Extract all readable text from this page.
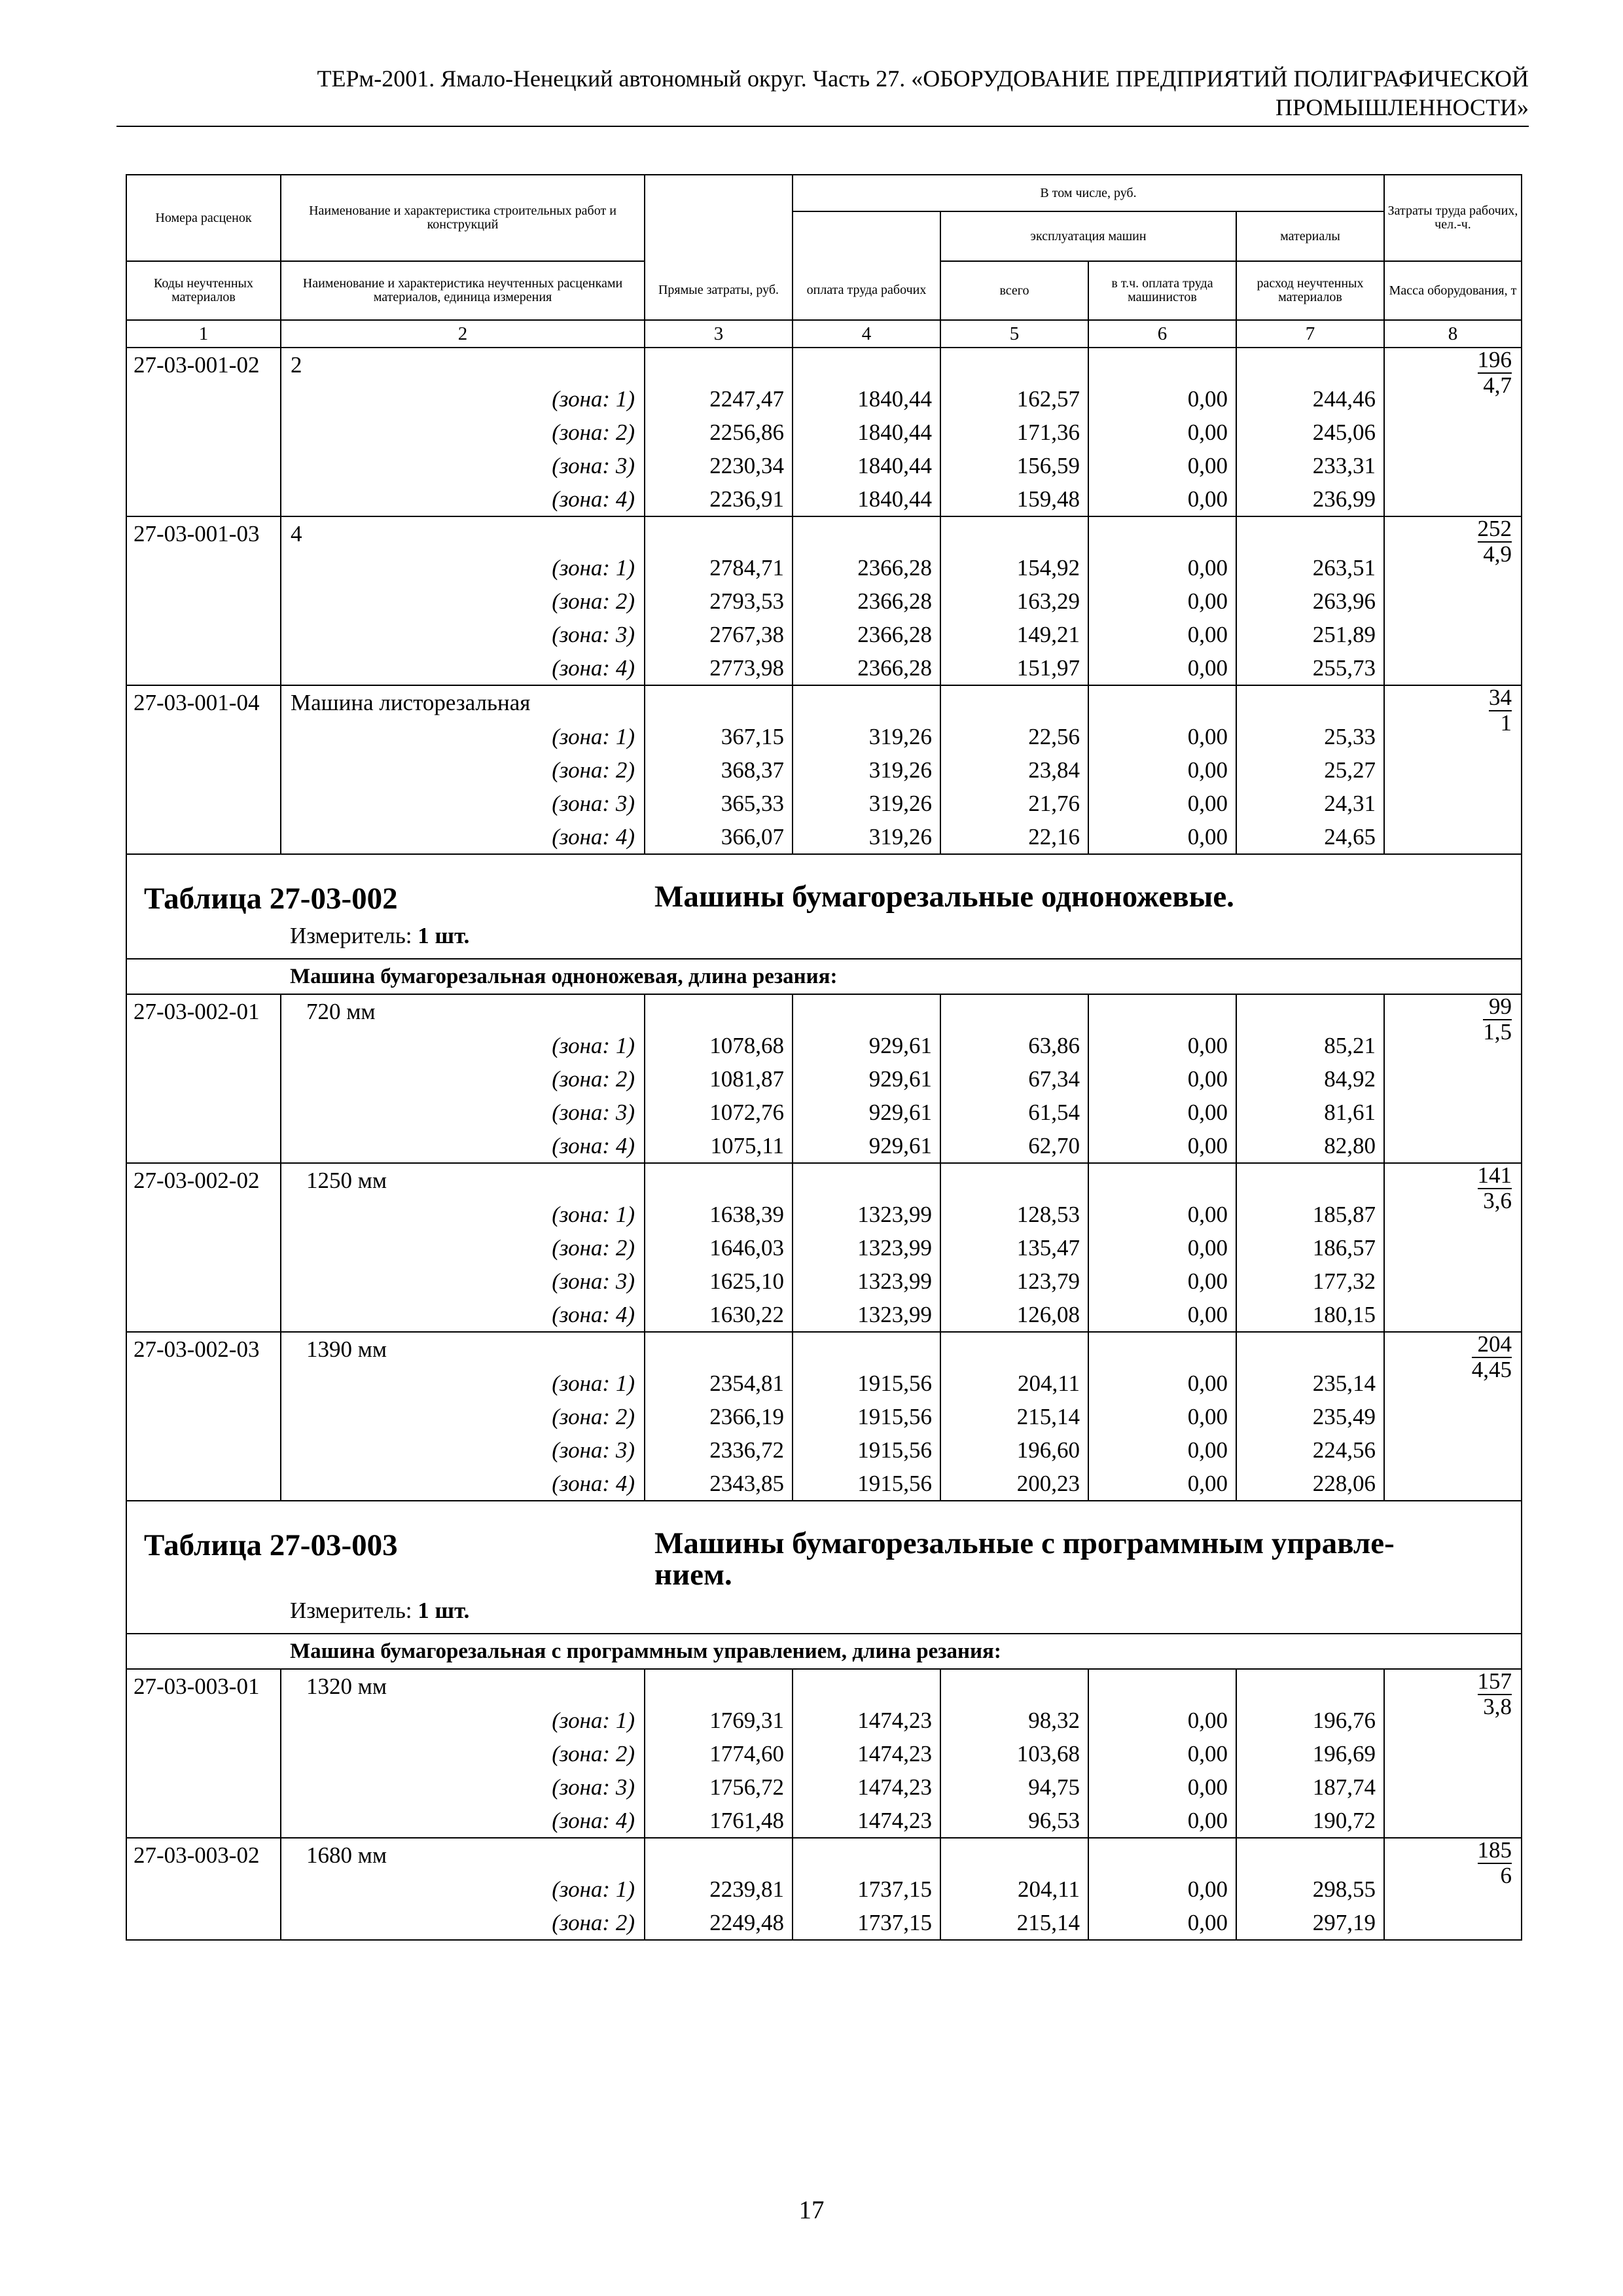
ТЕРм-2001. Ямало-Ненецкий автономный округ. Часть 27. «ОБОРУДОВАНИЕ ПРЕДПРИЯТИЙ ПОЛИГРАФИЧЕСКОЙ
ПРОМЫШЛЕННОСТИ»
Номера расценок	Наименование и характеристика строительных работ и конструкций		В том числе, руб.				Затраты труда рабочих, чел.-ч.
				эксплуатация машин		материалы	
Коды неучтенных материалов	Наименование и характеристика неучтенных расценками материалов, единица измерения	Прямые затраты, руб.	оплата труда рабочих	всего	в т.ч. оплата труда машинистов	расход неучтенных материалов	Масса оборудования, т
1	2	3	4	5	6	7	8
27-03-001-02	2						$\frac{196}{4,7}$

	(зона: 1)	2247,47	1840,44	162,57	0,00	244,46	
	(зона: 2)	2256,86	1840,44	171,36	0,00	245,06	
	(зона: 3)	2230,34	1840,44	156,59	0,00	233,31	
	(зона: 4)	2236,91	1840,44	159,48	0,00	236,99	
27-03-001-03	4						$\frac{252}{4,9}$

	(зона: 1)	2784,71	2366,28	154,92	0,00	263,51	
	(зона: 2)	2793,53	2366,28	163,29	0,00	263,96	
	(зона: 3)	2767,38	2366,28	149,21	0,00	251,89	
	(зона: 4)	2773,98	2366,28	151,97	0,00	255,73	
27-03-001-04	Машина листорезальная						$\frac{34}{1}$

	(зона: 1)	367,15	319,26	22,56	0,00	25,33	
	(зона: 2)	368,37	319,26	23,84	0,00	25,27	
	(зона: 3)	365,33	319,26	21,76	0,00	24,31	
	(зона: 4)	366,07	319,26	22,16	0,00	24,65	

Таблица 27-03-002 Машины бумагорезальные одноножевые.
Измеритель: 1 шт.							

Машина бумагорезальная одноножевая, длина резания:							
27-03-002-01	720 мм						$\frac{99}{1,5}$

	(зона: 1)	1078,68	929,61	63,86	0,00	85,21	
	(зона: 2)	1081,87	929,61	67,34	0,00	84,92	
	(зона: 3)	1072,76	929,61	61,54	0,00	81,61	
	(зона: 4)	1075,11	929,61	62,70	0,00	82,80	
27-03-002-02	1250 мм						$\frac{141}{3,6}$

	(зона: 1)	1638,39	1323,99	128,53	0,00	185,87	
	(зона: 2)	1646,03	1323,99	135,47	0,00	186,57	
	(зона: 3)	1625,10	1323,99	123,79	0,00	177,32	
	(зона: 4)	1630,22	1323,99	126,08	0,00	180,15	
27-03-002-03	1390 мм						$\frac{204}{4,45}$

	(зона: 1)	2354,81	1915,56	204,11	0,00	235,14	
	(зона: 2)	2366,19	1915,56	215,14	0,00	235,49	
	(зона: 3)	2336,72	1915,56	196,60	0,00	224,56	
	(зона: 4)	2343,85	1915,56	200,23	0,00	228,06	

Таблица 27-03-003 Машины бумагорезальные с программным управле-нием.
Измеритель: 1 шт.							

Машина бумагорезальная с программным управлением, длина резания:							
27-03-003-01	1320 мм						$\frac{157}{3,8}$

	(зона: 1)	1769,31	1474,23	98,32	0,00	196,76	
	(зона: 2)	1774,60	1474,23	103,68	0,00	196,69	
	(зона: 3)	1756,72	1474,23	94,75	0,00	187,74	
	(зона: 4)	1761,48	1474,23	96,53	0,00	190,72	
27-03-003-02	1680 мм						$\frac{185}{6}$

	(зона: 1)	2239,81	1737,15	204,11	0,00	298,55	
	(зона: 2)	2249,48	1737,15	215,14	0,00	297,19	
17
